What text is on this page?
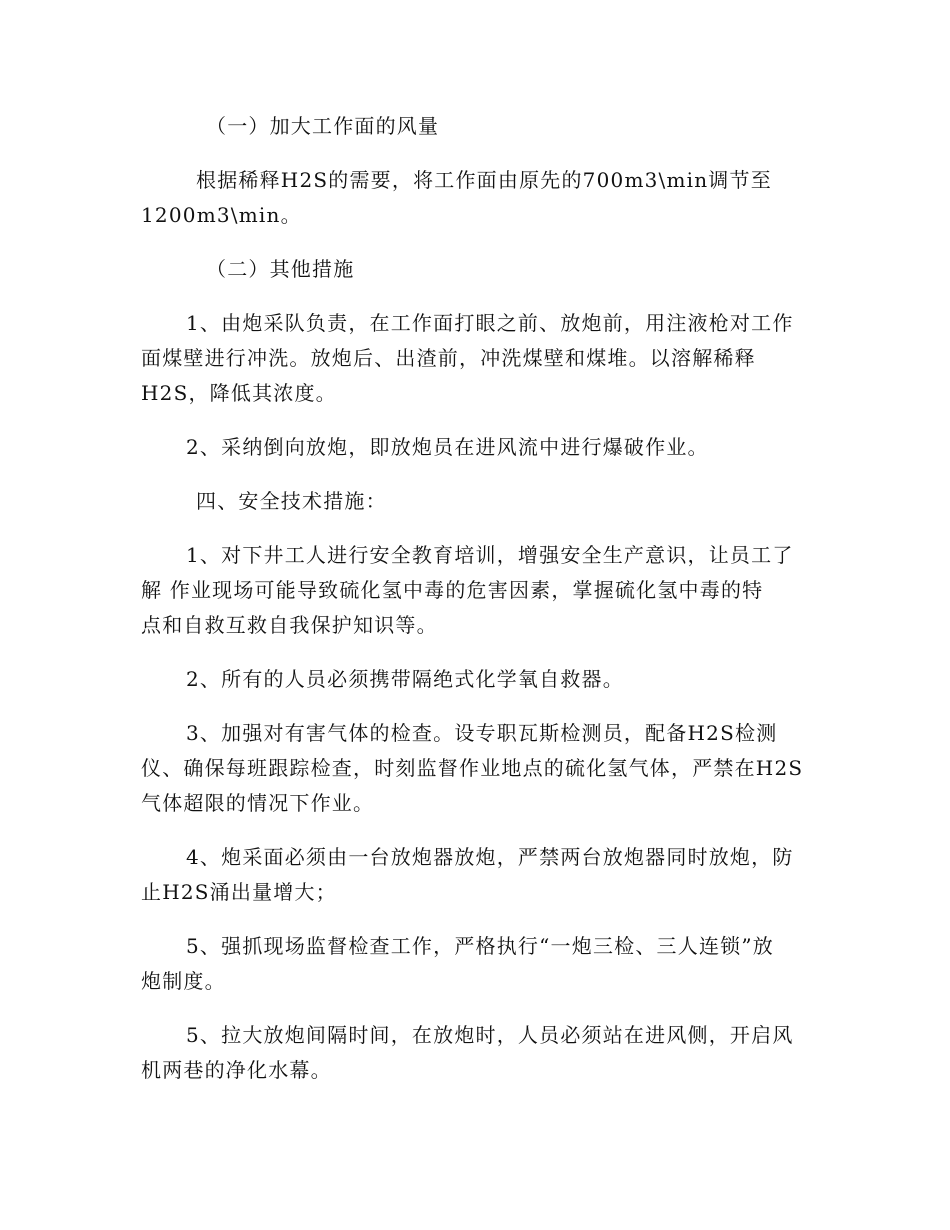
（一）加大工作面的风量

根据稀释H2S的需要，将工作面由原先的700m3\min调节至

1200m3\min。

（二）其他措施

1、由炮采队负责，在工作面打眼之前、放炮前，用注液枪对工作

面煤壁进行冲洗。放炮后、出渣前，冲洗煤壁和煤堆。以溶解稀释

H2S，降低其浓度。

2、采纳倒向放炮，即放炮员在进风流中进行爆破作业。

四、安全技术措施：

1、对下井工人进行安全教育培训，增强安全生产意识，让员工了

解 作业现场可能导致硫化氢中毒的危害因素，掌握硫化氢中毒的特

点和自救互救自我保护知识等。

2、所有的人员必须携带隔绝式化学氧自救器。

3、加强对有害气体的检查。设专职瓦斯检测员，配备H2S检测

仪、确保每班跟踪检查，时刻监督作业地点的硫化氢气体，严禁在H2S

气体超限的情况下作业。

4、炮采面必须由一台放炮器放炮，严禁两台放炮器同时放炮，防

止H2S涌出量增大；

5、强抓现场监督检查工作，严格执行“一炮三检、三人连锁”放

炮制度。

5、拉大放炮间隔时间，在放炮时，人员必须站在进风侧，开启风

机两巷的净化水幕。
